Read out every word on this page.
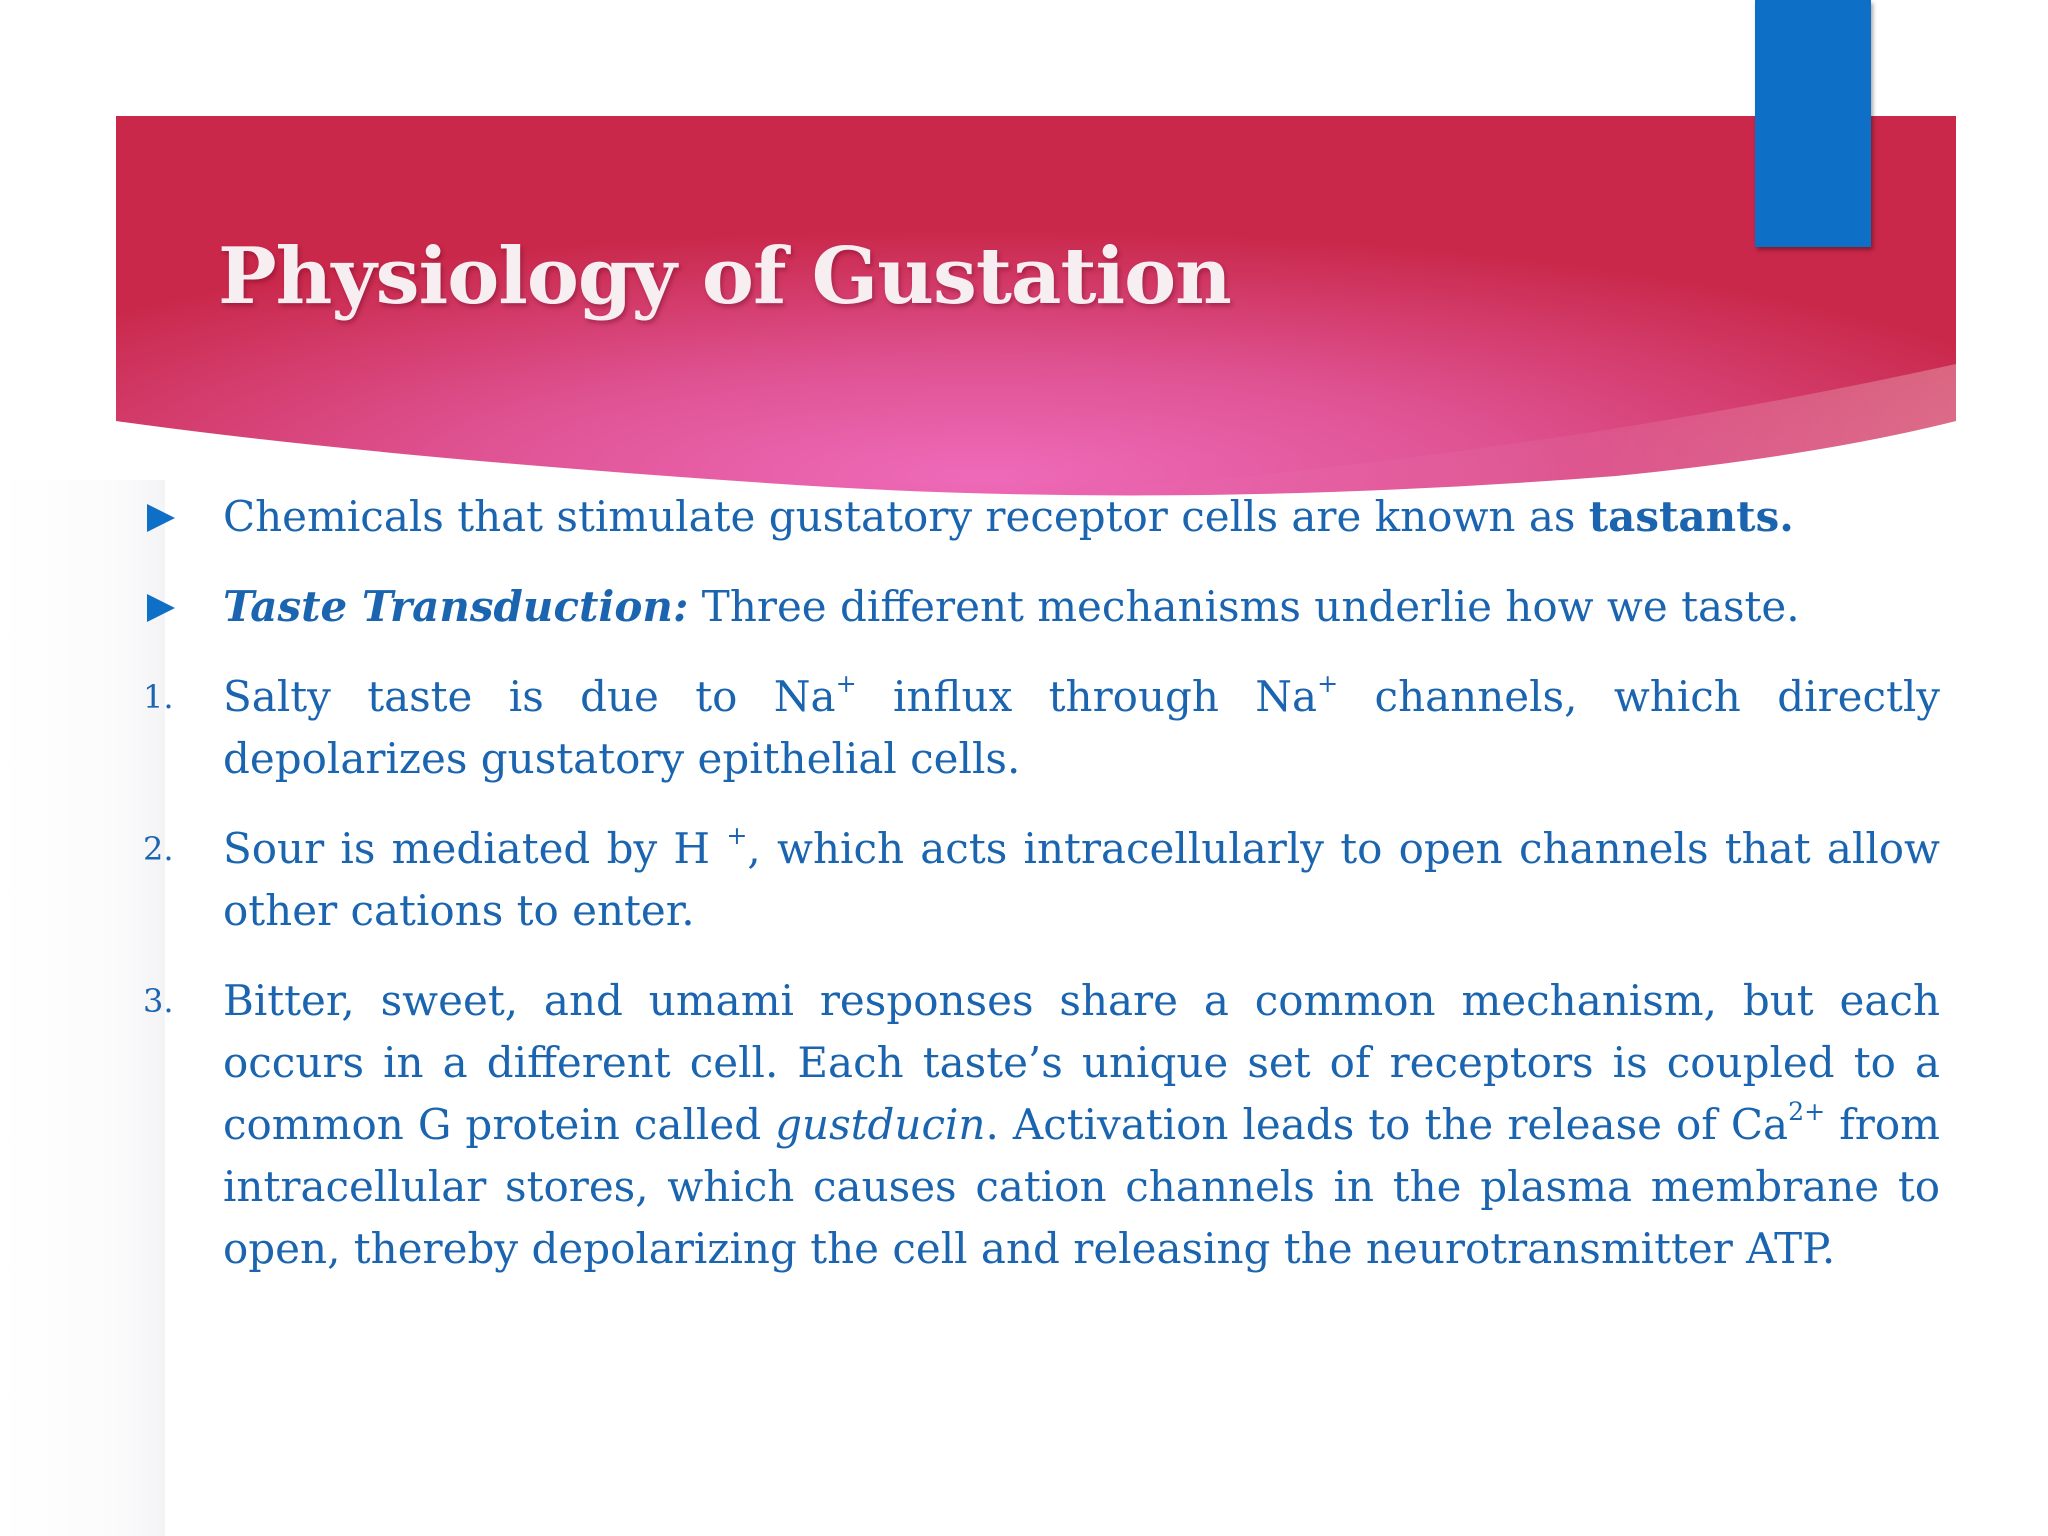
Physiology of Gustation

Chemicals that stimulate gustatory receptor cells are known as tastants.

Taste Transduction: Three different mechanisms underlie how we taste.

1. Salty taste is due to Na+ influx through Na+ channels, which directly depolarizes gustatory epithelial cells.

2. Sour is mediated by H +, which acts intracellularly to open channels that allow other cations to enter.

3. Bitter, sweet, and umami responses share a common mechanism, but each occurs in a different cell. Each taste’s unique set of receptors is coupled to a common G protein called gustducin. Activation leads to the release of $Ca^{2+}$ from intracellular stores, which causes cation channels in the plasma membrane to open, thereby depolarizing the cell and releasing the neurotransmitter ATP.
